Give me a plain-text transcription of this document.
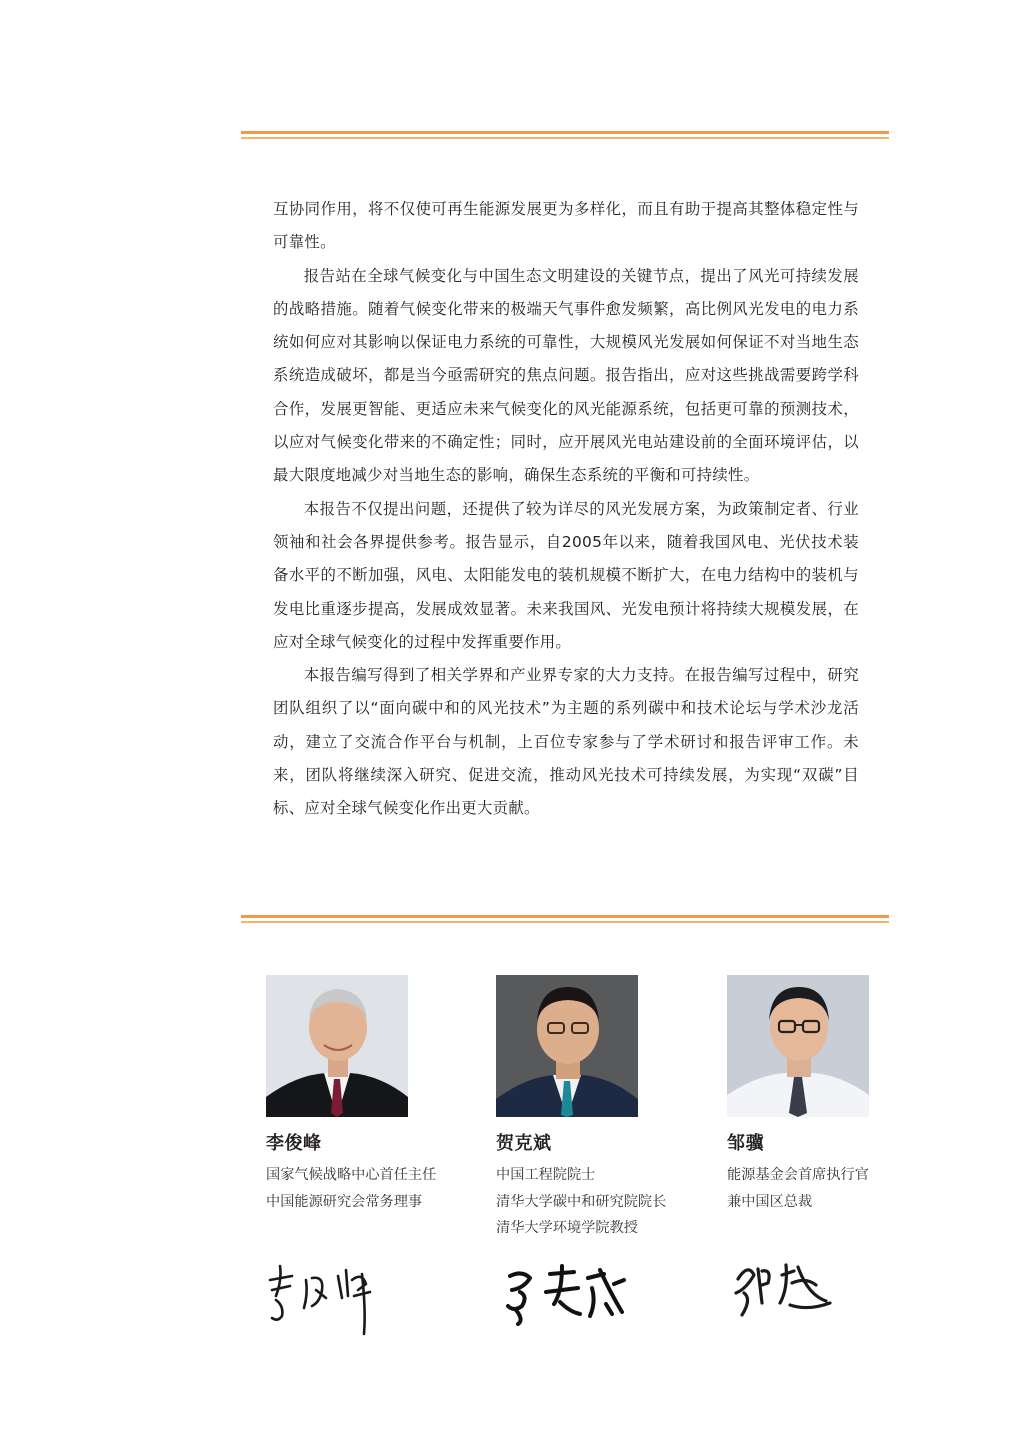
互协同作用，将不仅使可再生能源发展更为多样化，而且有助于提高其整体稳定性与可靠性。

报告站在全球气候变化与中国生态文明建设的关键节点，提出了风光可持续发展的战略措施。随着气候变化带来的极端天气事件愈发频繁，高比例风光发电的电力系统如何应对其影响以保证电力系统的可靠性，大规模风光发展如何保证不对当地生态系统造成破坏，都是当今亟需研究的焦点问题。报告指出，应对这些挑战需要跨学科合作，发展更智能、更适应未来气候变化的风光能源系统，包括更可靠的预测技术，以应对气候变化带来的不确定性；同时，应开展风光电站建设前的全面环境评估，以最大限度地减少对当地生态的影响，确保生态系统的平衡和可持续性。

本报告不仅提出问题，还提供了较为详尽的风光发展方案，为政策制定者、行业领袖和社会各界提供参考。报告显示，自2005年以来，随着我国风电、光伏技术装备水平的不断加强，风电、太阳能发电的装机规模不断扩大，在电力结构中的装机与发电比重逐步提高，发展成效显著。未来我国风、光发电预计将持续大规模发展，在应对全球气候变化的过程中发挥重要作用。

本报告编写得到了相关学界和产业界专家的大力支持。在报告编写过程中，研究团队组织了以“面向碳中和的风光技术”为主题的系列碳中和技术论坛与学术沙龙活动，建立了交流合作平台与机制，上百位专家参与了学术研讨和报告评审工作。未来，团队将继续深入研究、促进交流，推动风光技术可持续发展，为实现“双碳”目标、应对全球气候变化作出更大贡献。

李俊峰
国家气候战略中心首任主任
中国能源研究会常务理事
贺克斌
中国工程院院士
清华大学碳中和研究院院长
清华大学环境学院教授
邹骥
能源基金会首席执行官
兼中国区总裁
